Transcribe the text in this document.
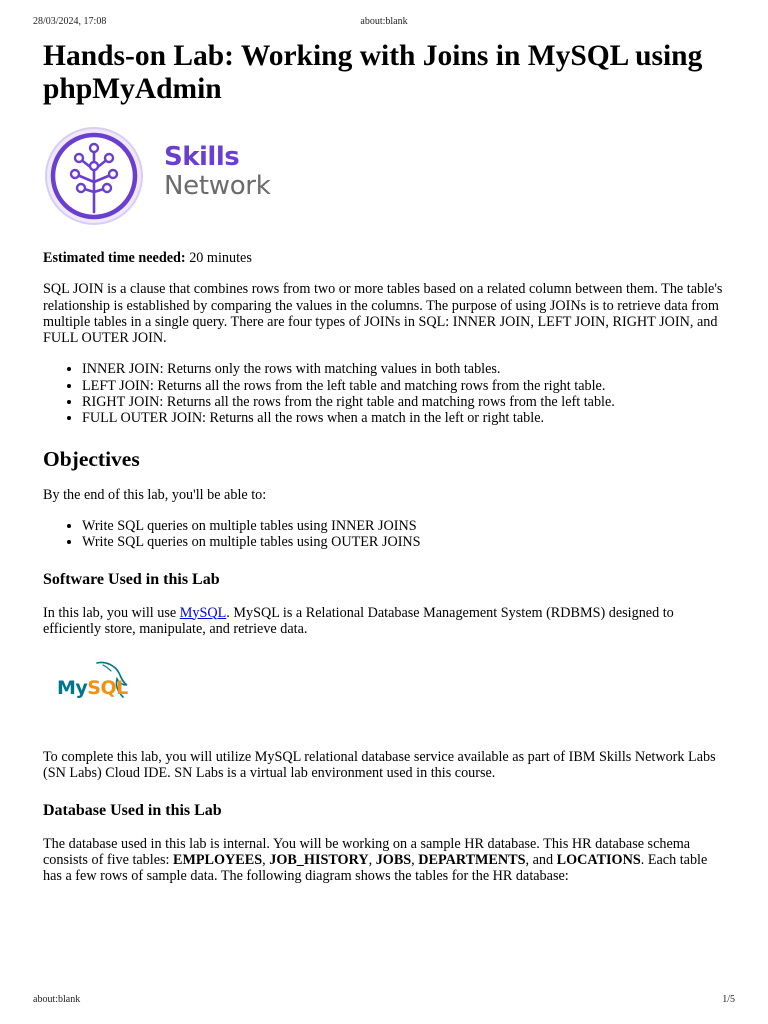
28/03/2024, 17:08	about:blank
Hands-on Lab: Working with Joins in MySQL using phpMyAdmin
Skills
Network

Estimated time needed: 20 minutes

SQL JOIN is a clause that combines rows from two or more tables based on a related column between them. The table's relationship is established by comparing the values in the columns. The purpose of using JOINs is to retrieve data from multiple tables in a single query. There are four types of JOINs in SQL: INNER JOIN, LEFT JOIN, RIGHT JOIN, and FULL OUTER JOIN.

• INNER JOIN: Returns only the rows with matching values in both tables.
• LEFT JOIN: Returns all the rows from the left table and matching rows from the right table.
• RIGHT JOIN: Returns all the rows from the right table and matching rows from the left table.
• FULL OUTER JOIN: Returns all the rows when a match in the left or right table.
Objectives

By the end of this lab, you'll be able to:

• Write SQL queries on multiple tables using INNER JOINS
• Write SQL queries on multiple tables using OUTER JOINS
Software Used in this Lab

In this lab, you will use MySQL. MySQL is a Relational Database Management System (RDBMS) designed to efficiently store, manipulate, and retrieve data.

MySQL

To complete this lab, you will utilize MySQL relational database service available as part of IBM Skills Network Labs (SN Labs) Cloud IDE. SN Labs is a virtual lab environment used in this course.

Database Used in this Lab

The database used in this lab is internal. You will be working on a sample HR database. This HR database schema consists of five tables: EMPLOYEES, JOB_HISTORY, JOBS, DEPARTMENTS, and LOCATIONS. Each table has a few rows of sample data. The following diagram shows the tables for the HR database:

about:blank	1/5
